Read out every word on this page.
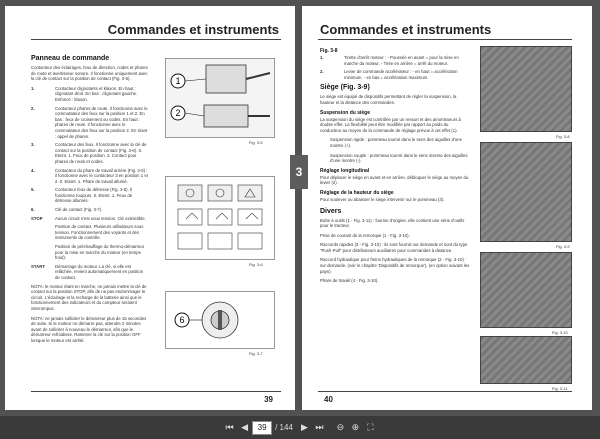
Commandes et instruments
Panneau de commande
Contacteur des éclairages, feux de direction, codes et phares de route et avertisseur sonore. Il fonctionne uniquement avec la clé de contact sur la position de contact (Fig. 3-5).
1.	Contacteur clignotants et klaxon. En haut : clignotant droit. En bas : clignotant gauche. Enfoncé : klaxon.
2.	Contacteur phares de route. Il fonctionne avec le commutateur des feux sur la position 1 et 2. En bas : feux de croisement ou codes. En haut : phares de route. Il fonctionne avec le commutateur des feux sur la position 2. En tirant : appel de phares.
3.	Contacteur des feux. Il fonctionne avec la clé de contact sur la position de contact (Fig. 3-6). 0. Eteint. 1. Feux de position. 2. Contact pour phares de route et codes.
4.	Contacteur du phare de travail arrière (Fig. 3-6) : il fonctionne avec le contacteur 3 en position 1 et 2. 0. Eteint. 1. Phare de travail allumé.
5.	Contacteur feux de détresse (Fig. 3-6). Il fonctionne toujours. 0. Eteint. 1. Feux de détresse allumés.
6.	Clé de contact (Fig. 3-7).
STOP	Aucun circuit n'est sous tension. Clé extractible.
Position de contact. Plusieurs utilisateurs sous tension. Fonctionnement des voyants et des instruments de contrôle.
Position de préchauffage du thermo-démarreur pour la mise en marche du moteur (en temps froid).
START	Démarrage du moteur. La clé, si elle est relâchée, revient automatiquement en position de contact.
NOTA: le moteur étant en marche, ne jamais mettre la clé de contact sur la position STOP, afin de ne pas endommager le circuit. L'éclairage et la recharge de la batterie ainsi que le fonctionnement des indicateurs et du compteur seraient interrompus.
NOTA: ne jamais solliciter le démarreur plus de 15 secondes de suite. Si le moteur ne démarre pas, attendre 2 minutes avant de solliciter à nouveau le démarreur, afin que le démarreur refroidisse. Ramener la clé sur la position OFF lorsque le moteur est arrêté.
1
2
Fig. 3-5
Fig. 3-6
6
Fig. 3-7
39
Commandes et instruments
Fig. 3-8
1.	Tirette d'arrêt moteur : - Poussée en avant = pour la mise en marche du moteur. - Tirée en arrière = arrêt du moteur.
2.	Levier de commande accélérateur : - en haut = accélération minimum. - en bas = accélération maximum.
Siège (Fig. 3-9)
Le siège est équipé de dispositifs permettant de régler la suspension, la hauteur et la distance des commandes.
Suspension du siège
La suspension du siège est contrôlée par un ressort et des amortisseurs à double effet. La flexibilité peut être modifiée par rapport au poids du conducteur au moyen de la commande de réglage prévue à cet effet (1).
Suspension rigide : pommeau tourné dans le sens des aiguilles d'une montre (+).
Suspension souple : pommeau tourné dans le sens inverse des aiguilles d'une montre (-).
Réglage longitudinal
Pour déplacer le siège en avant et en arrière, débloquer le siège au moyen du levier (2).
Réglage de la hauteur du siège
Pour soulever ou abaisser le siège intervenir sur le pommeau (3).
Divers
Boîte à outils (1 - Fig. 3-11) : fournie d'origine, elle contient une série d'outils pour le tracteur.
Prise de courant de la remorque (1 - Fig. 3-10).
Raccords rapides (3 - Fig. 3-10) : ils sont fournis sur demande et sont du type "Push-Pull" pour distributeurs auxiliaires pour commandes à distance.
Raccord hydraulique pour freins hydrauliques de la remorque (2 - Fig. 3-10) : sur demande, (voir le chapitre 'Dispositifs de remorque'), (en option suivant les pays).
Phare de travail (4 - Fig. 3-10).
Fig. 3-8
Fig. 3-9
Fig. 3-10
Fig. 3-11
40
3
⏮ ◀	39	/ 144 ▶ ⏭	⊖ ⊕ ⛶
